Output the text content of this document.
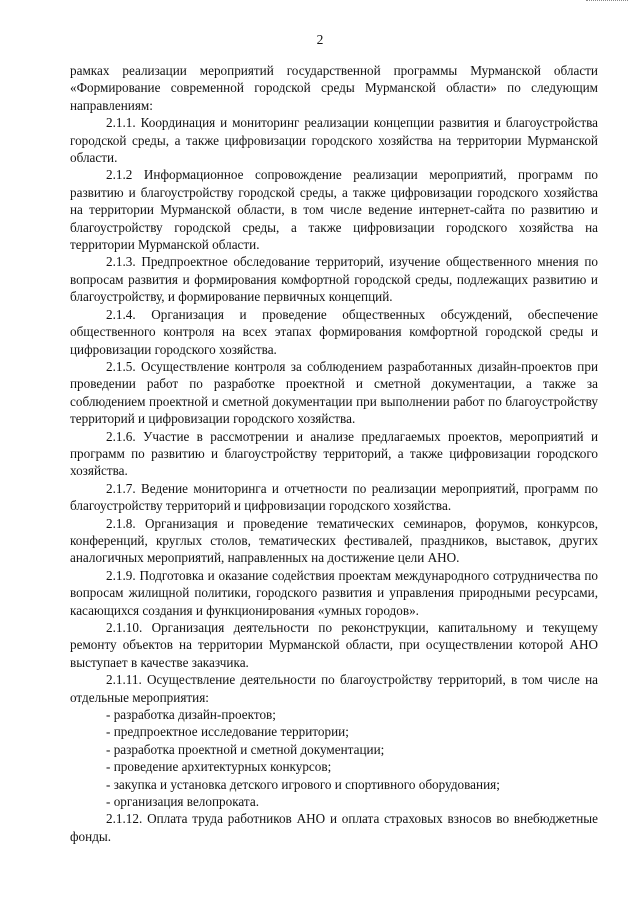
2

рамках реализации мероприятий государственной программы Мурманской области «Формирование современной городской среды Мурманской области» по следующим направлениям:

2.1.1. Координация и мониторинг реализации концепции развития и благоустройства городской среды, а также цифровизации городского хозяйства на территории Мурманской области.

2.1.2 Информационное сопровождение реализации мероприятий, программ по развитию и благоустройству городской среды, а также цифровизации городского хозяйства на территории Мурманской области, в том числе ведение интернет-сайта по развитию и благоустройству городской среды, а также цифровизации городского хозяйства на территории Мурманской области.

2.1.3. Предпроектное обследование территорий, изучение общественного мнения по вопросам развития и формирования комфортной городской среды, подлежащих развитию и благоустройству, и формирование первичных концепций.

2.1.4. Организация и проведение общественных обсуждений, обеспечение общественного контроля на всех этапах формирования комфортной городской среды и цифровизации городского хозяйства.

2.1.5. Осуществление контроля за соблюдением разработанных дизайн-проектов при проведении работ по разработке проектной и сметной документации, а также за соблюдением проектной и сметной документации при выполнении работ по благоустройству территорий и цифровизации городского хозяйства.

2.1.6. Участие в рассмотрении и анализе предлагаемых проектов, мероприятий и программ по развитию и благоустройству территорий, а также цифровизации городского хозяйства.

2.1.7. Ведение мониторинга и отчетности по реализации мероприятий, программ по благоустройству территорий и цифровизации городского хозяйства.

2.1.8. Организация и проведение тематических семинаров, форумов, конкурсов, конференций, круглых столов, тематических фестивалей, праздников, выставок, других аналогичных мероприятий, направленных на достижение цели АНО.

2.1.9. Подготовка и оказание содействия проектам международного сотрудничества по вопросам жилищной политики, городского развития и управления природными ресурсами, касающихся создания и функционирования «умных городов».

2.1.10. Организация деятельности по реконструкции, капитальному и текущему ремонту объектов на территории Мурманской области, при осуществлении которой АНО выступает в качестве заказчика.

2.1.11. Осуществление деятельности по благоустройству территорий, в том числе на отдельные мероприятия:

- разработка дизайн-проектов;

- предпроектное исследование территории;

- разработка проектной и сметной документации;

- проведение архитектурных конкурсов;

- закупка и установка детского игрового и спортивного оборудования;

- организация велопроката.

2.1.12. Оплата труда работников АНО и оплата страховых взносов во внебюджетные фонды.
